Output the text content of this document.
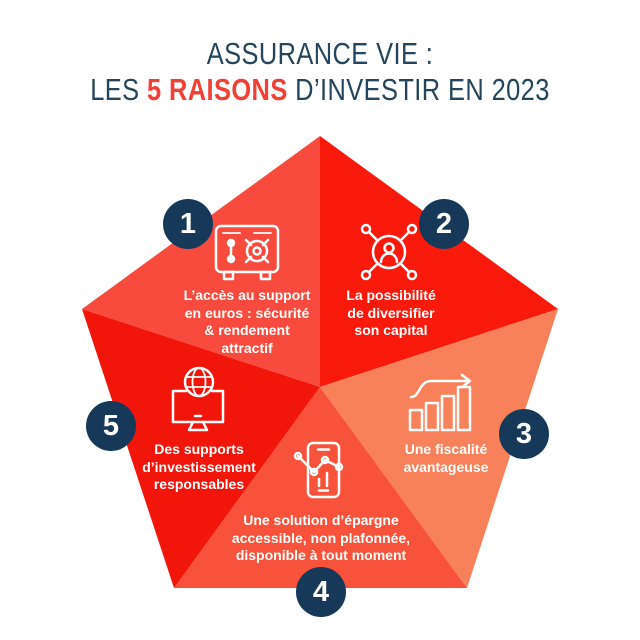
ASSURANCE VIE :
LES 5 RAISONS D’INVESTIR EN 2023
1	2
3
4
5
L’accès au support
en euros : sécurité
& rendement
attractif
La possibilité
de diversifier
son capital
Une fiscalité
avantageuse
Une solution d’épargne
accessible, non plafonnée,
disponible à tout moment
Des supports
d’investissement
responsables
